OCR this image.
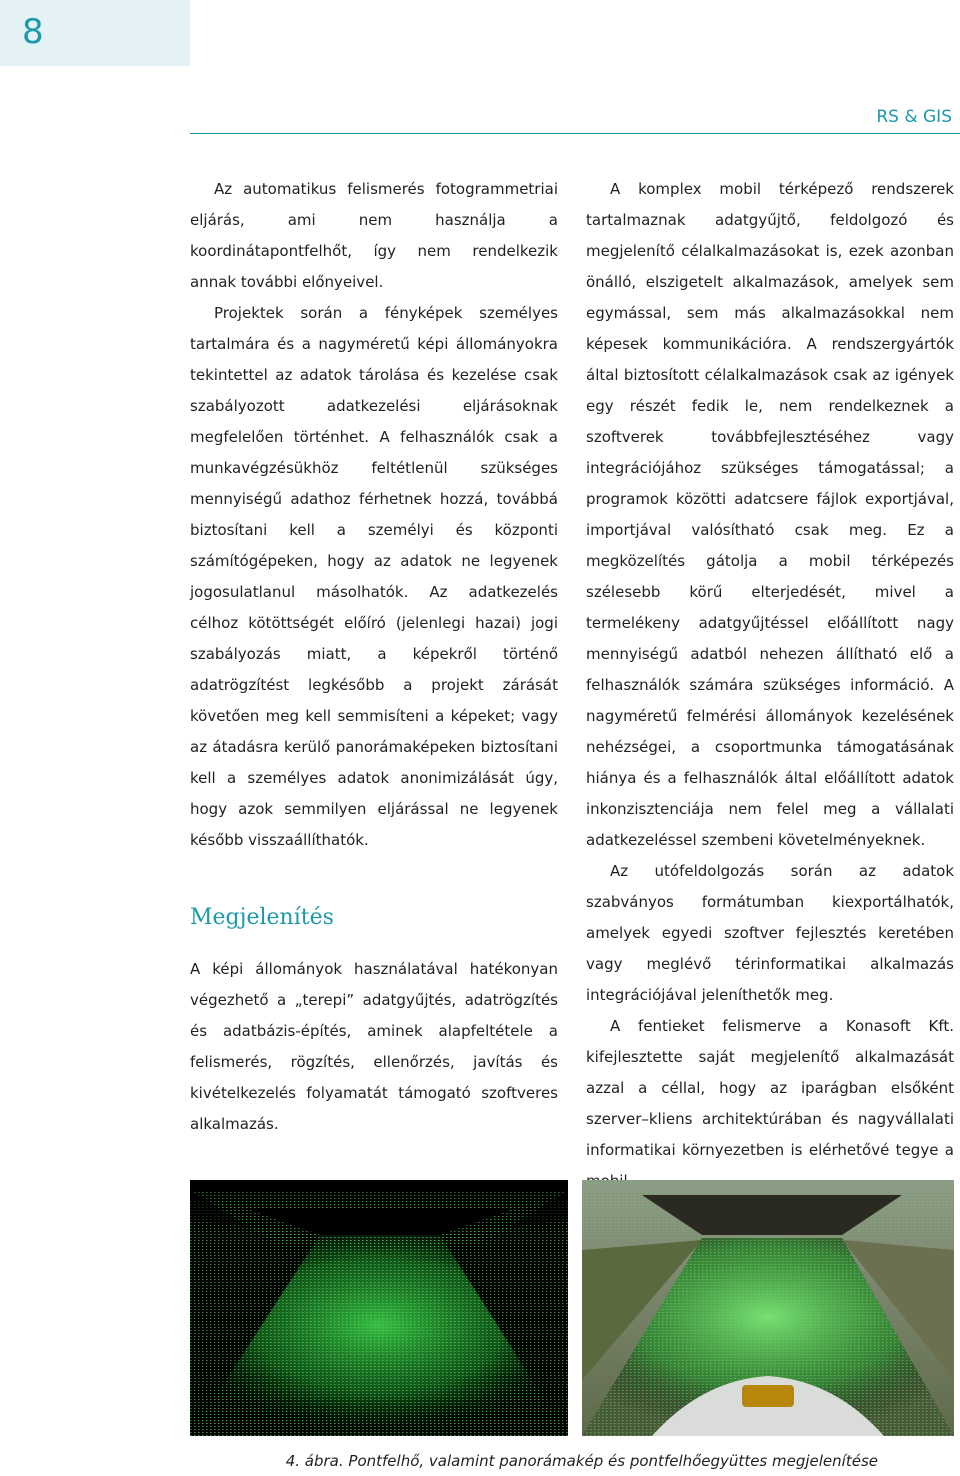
8
RS & GIS

Az automatikus felismerés fotogrammetriai eljárás, ami nem használja a koordinátapontfelhőt, így nem rendelkezik annak további előnyeivel.

Projektek során a fényképek személyes tartalmára és a nagyméretű képi állományokra tekintettel az adatok tárolása és kezelése csak szabályozott adatkezelési eljárásoknak megfelelően történhet. A felhasználók csak a munkavégzésükhöz feltétlenül szükséges mennyiségű adathoz férhetnek hozzá, továbbá biztosítani kell a személyi és központi számítógépeken, hogy az adatok ne legyenek jogosulatlanul másolhatók. Az adatkezelés célhoz kötöttségét előíró (jelenlegi hazai) jogi szabályozás miatt, a képekről történő adatrögzítést legkésőbb a projekt zárását követően meg kell semmisíteni a képeket; vagy az átadásra kerülő panorámaképeken biztosítani kell a személyes adatok anonimizálását úgy, hogy azok semmilyen eljárással ne legyenek később visszaállíthatók.

Megjelenítés

A képi állományok használatával hatékonyan végezhető a „terepi” adatgyűjtés, adatrögzítés és adatbázis-építés, aminek alapfeltétele a felismerés, rögzítés, ellenőrzés, javítás és kivételkezelés folyamatát támogató szoftveres alkalmazás.

A komplex mobil térképező rendszerek tartalmaznak adatgyűjtő, feldolgozó és megjelenítő célalkalmazásokat is, ezek azonban önálló, elszigetelt alkalmazások, amelyek sem egymással, sem más alkalmazásokkal nem képesek kommunikációra. A rendszergyártók által biztosított célalkalmazások csak az igények egy részét fedik le, nem rendelkeznek a szoftverek továbbfejlesztéséhez vagy integrációjához szükséges támogatással; a programok közötti adatcsere fájlok exportjával, importjával valósítható csak meg. Ez a megközelítés gátolja a mobil térképezés szélesebb körű elterjedését, mivel a termelékeny adatgyűjtéssel előállított nagy mennyiségű adatból nehezen állítható elő a felhasználók számára szükséges információ. A nagyméretű felmérési állományok kezelésének nehézségei, a csoportmunka támogatásának hiánya és a felhasználók által előállított adatok inkonzisztenciája nem felel meg a vállalati adatkezeléssel szembeni követelményeknek.

Az utófeldolgozás során az adatok szabványos formátumban kiexportálhatók, amelyek egyedi szoftver fejlesztés keretében vagy meglévő térinformatikai alkalmazás integrációjával jeleníthetők meg.

A fentieket felismerve a Konasoft Kft. kifejlesztette saját megjelenítő alkalmazását azzal a céllal, hogy az iparágban elsőként szerver–kliens architektúrában és nagyvállalati informatikai környezetben is elérhetővé tegye a

4. ábra. Pontfelhő, valamint panorámakép és pontfelhőegyüttes megjelenítése
